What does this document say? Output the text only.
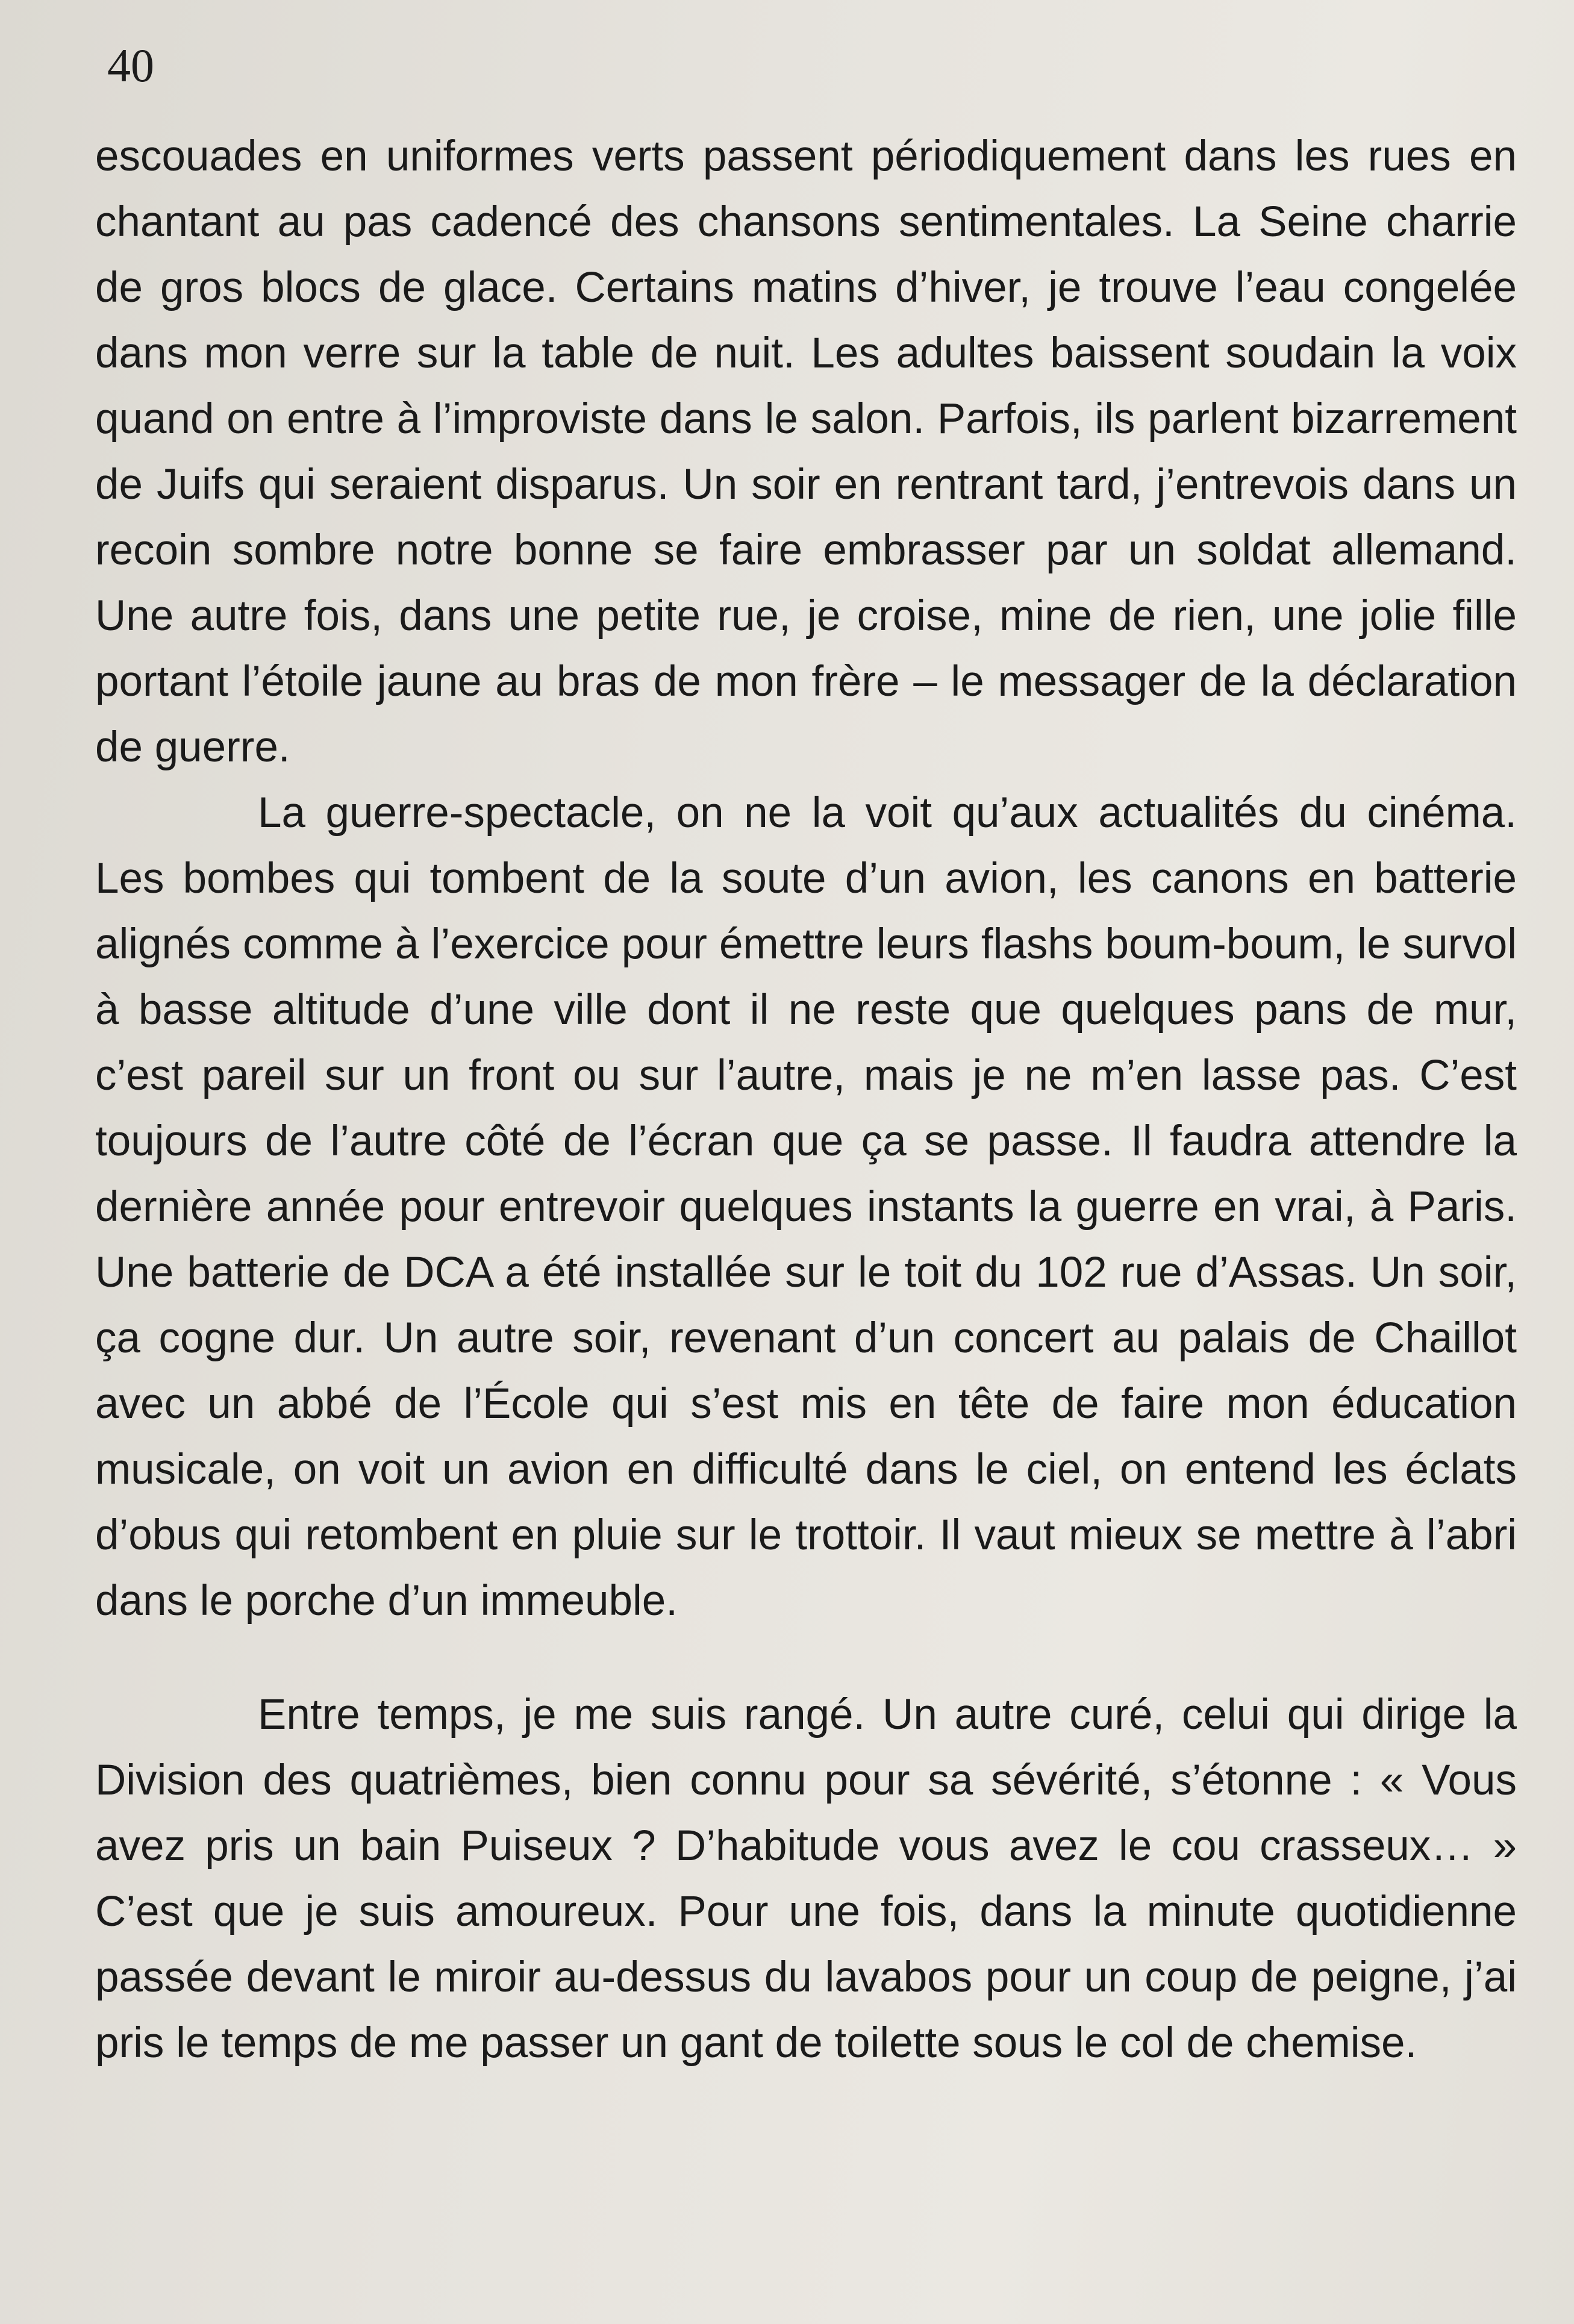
40

escouades en uniformes verts passent périodiquement dans les rues en chantant au pas cadencé des chansons sentimentales. La Seine charrie de gros blocs de glace. Certains matins d’hiver, je trouve l’eau congelée dans mon verre sur la table de nuit. Les adultes baissent soudain la voix quand on entre à l’improviste dans le salon. Parfois, ils parlent bizarrement de Juifs qui seraient disparus. Un soir en rentrant tard, j’entrevois dans un recoin sombre notre bonne se faire embrasser par un soldat allemand. Une autre fois, dans une petite rue, je croise, mine de rien, une jolie fille portant l’étoile jaune au bras de mon frère – le messager de la déclaration de guerre.

La guerre-spectacle, on ne la voit qu’aux actualités du cinéma. Les bombes qui tombent de la soute d’un avion, les canons en batterie alignés comme à l’exercice pour émettre leurs flashs boum-boum, le survol à basse altitude d’une ville dont il ne reste que quelques pans de mur, c’est pareil sur un front ou sur l’autre, mais je ne m’en lasse pas. C’est toujours de l’autre côté de l’écran que ça se passe. Il faudra attendre la dernière année pour entrevoir quelques instants la guerre en vrai, à Paris. Une batterie de DCA a été installée sur le toit du 102 rue d’Assas. Un soir, ça cogne dur. Un autre soir, revenant d’un concert au palais de Chaillot avec un abbé de l’École qui s’est mis en tête de faire mon éducation musicale, on voit un avion en difficulté dans le ciel, on entend les éclats d’obus qui retombent en pluie sur le trottoir. Il vaut mieux se mettre à l’abri dans le porche d’un immeuble.

Entre temps, je me suis rangé. Un autre curé, celui qui dirige la Division des quatrièmes, bien connu pour sa sévérité, s’étonne : « Vous avez pris un bain Puiseux ? D’habitude vous avez le cou crasseux… » C’est que je suis amoureux. Pour une fois, dans la minute quotidienne passée devant le miroir au-dessus du lavabos pour un coup de peigne, j’ai pris le temps de me passer un gant de toilette sous le col de chemise.
